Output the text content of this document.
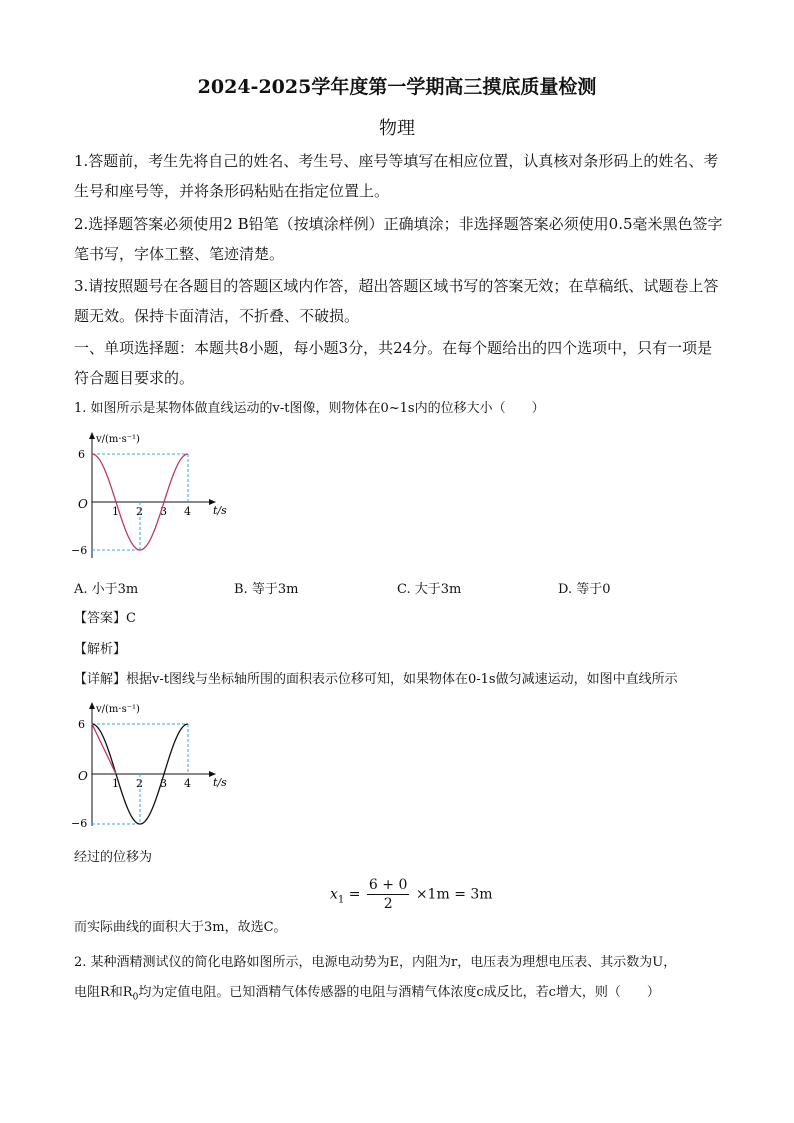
2024-2025学年度第一学期高三摸底质量检测
物理

1.答题前，考生先将自己的姓名、考生号、座号等填写在相应位置，认真核对条形码上的姓名、考生号和座号等，并将条形码粘贴在指定位置上。

2.选择题答案必须使用2 B铅笔（按填涂样例）正确填涂；非选择题答案必须使用0.5毫米黑色签字笔书写，字体工整、笔迹清楚。

3.请按照题号在各题目的答题区域内作答，超出答题区域书写的答案无效；在草稿纸、试题卷上答题无效。保持卡面清洁，不折叠、不破损。

一、单项选择题：本题共8小题，每小题3分，共24分。在每个题给出的四个选项中，只有一项是符合题目要求的。

1. 如图所示是某物体做直线运动的v-t图像，则物体在0~1s内的位移大小（　　）
v/(m·s⁻¹)
t/s
O
6
−6
1 2 3 4
A. 小于3m	B. 等于3m	C. 大于3m	D. 等于0
【答案】C
【解析】
【详解】根据v-t图线与坐标轴所围的面积表示位移可知，如果物体在0-1s做匀减速运动，如图中直线所示
v/(m·s⁻¹)
t/s
O
6
−6
1 2 3 4
经过的位移为
$x_1 = \frac{6 + 0}{2} \times 1m = 3m$
而实际曲线的面积大于3m，故选C。
2. 某种酒精测试仪的简化电路如图所示，电源电动势为E，内阻为r，电压表为理想电压表、其示数为U，
电阻R和$R_0$均为定值电阻。已知酒精气体传感器的电阻与酒精气体浓度c成反比，若c增大，则（　　）
